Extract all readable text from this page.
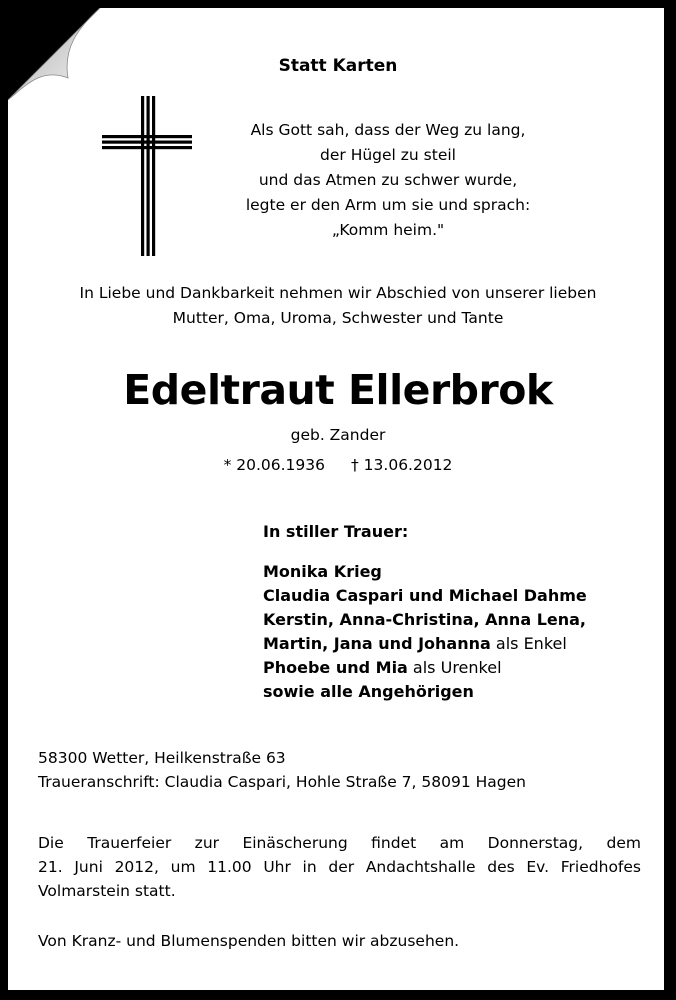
Statt Karten
Als Gott sah, dass der Weg zu lang,
der Hügel zu steil
und das Atmen zu schwer wurde,
legte er den Arm um sie und sprach:
„Komm heim."
In Liebe und Dankbarkeit nehmen wir Abschied von unserer lieben
Mutter, Oma, Uroma, Schwester und Tante
Edeltraut Ellerbrok
geb. Zander
* 20.06.1936 † 13.06.2012
In stiller Trauer:
Monika Krieg
Claudia Caspari und Michael Dahme
Kerstin, Anna-Christina, Anna Lena,
Martin, Jana und Johanna als Enkel
Phoebe und Mia als Urenkel
sowie alle Angehörigen
58300 Wetter, Heilkenstraße 63
Traueranschrift: Claudia Caspari, Hohle Straße 7, 58091 Hagen
Die Trauerfeier zur Einäscherung findet am Donnerstag, dem
21. Juni 2012, um 11.00 Uhr in der Andachtshalle des Ev. Friedhofes
Volmarstein statt.
Von Kranz- und Blumenspenden bitten wir abzusehen.
